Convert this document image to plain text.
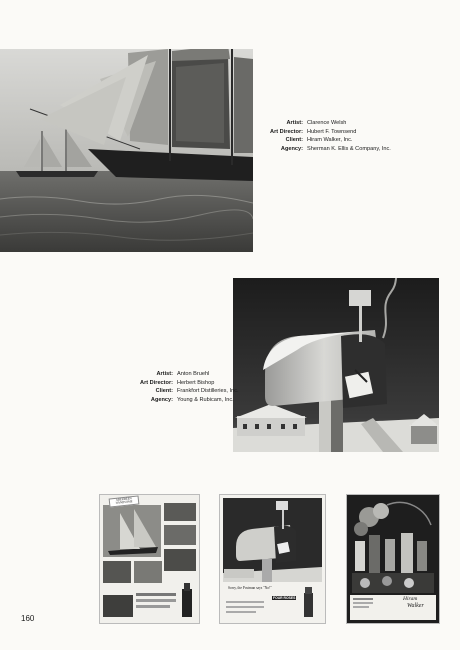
Artist: Clarence Welsh
Art Director: Hubert F. Townsend
Client: Hiram Walker, Inc.
Agency: Sherman K. Ellis & Company, Inc.
Artist: Anton Bruehl
Art Director: Herbert Bishop
Client: Frankfort Distilleries, Inc.
Agency: Young & Rubicam, Inc.
ABERDEEN HANDSOME
Sorry, the Postman says "No!"
FOUR ROSES	Hiram
Walker
160
